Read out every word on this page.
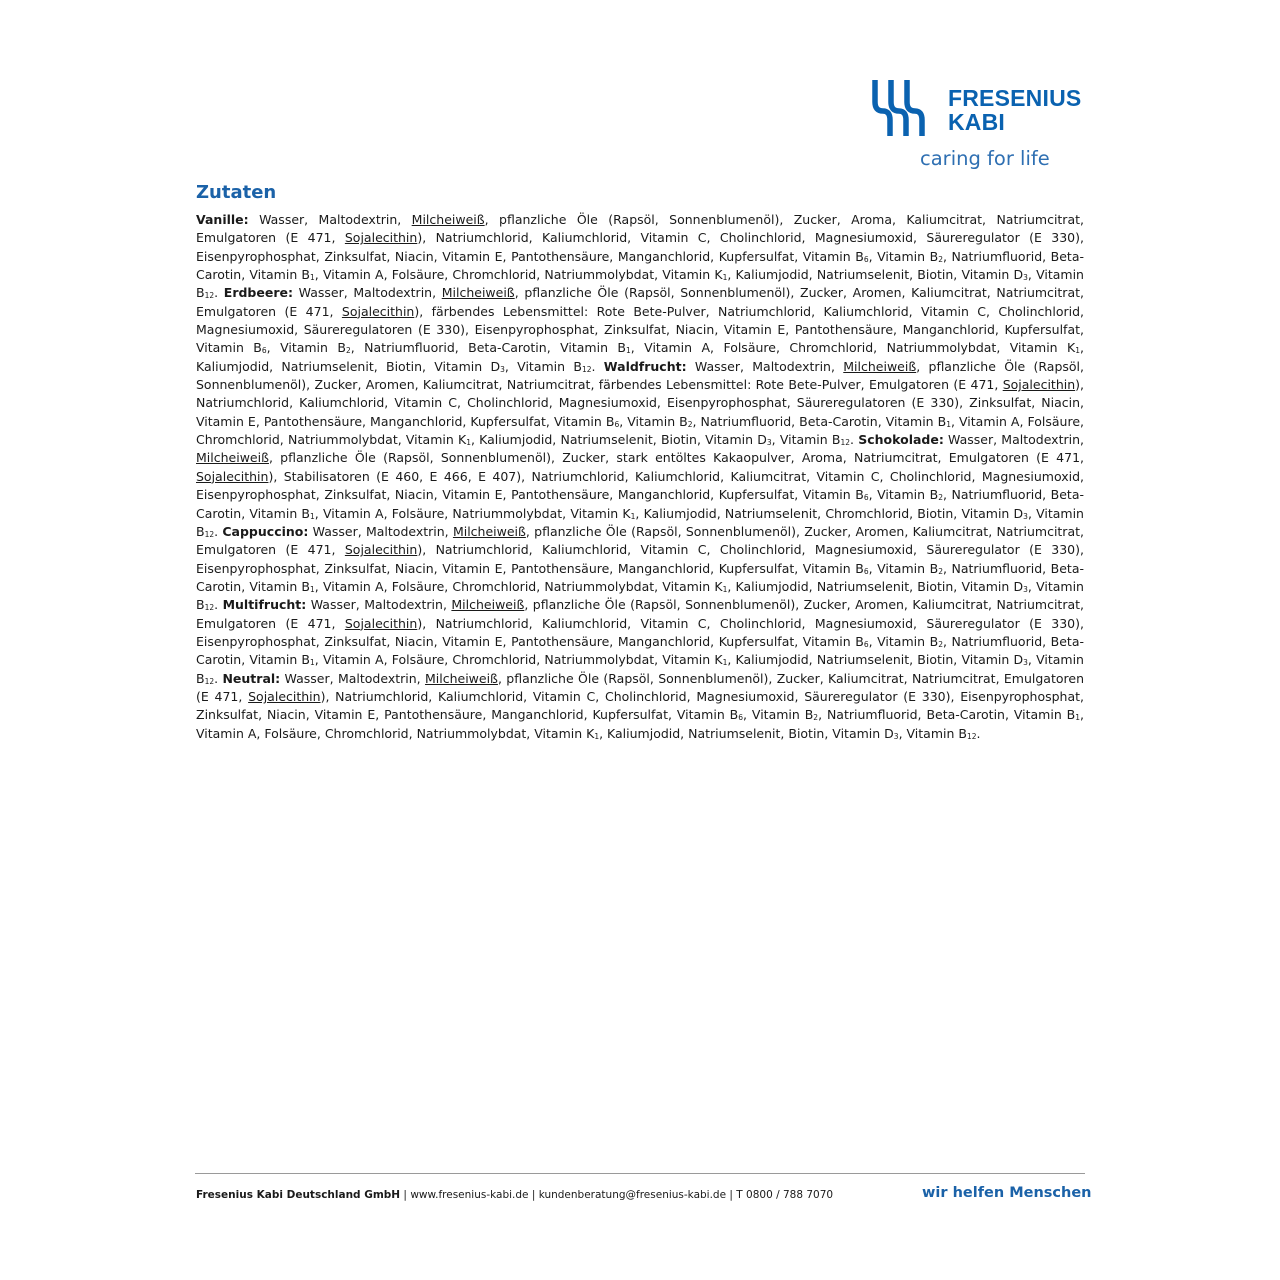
FRESENIUS
KABI
caring for life
Zutaten

Vanille: Wasser, Maltodextrin, Milcheiweiß, pflanzliche Öle (Rapsöl, Sonnenblumenöl), Zucker, Aroma, Kaliumcitrat, Natriumcitrat, Emulgatoren (E 471, Sojalecithin), Natriumchlorid, Kaliumchlorid, Vitamin C, Cholinchlorid, Magnesiumoxid, Säureregulator (E 330), Eisenpyrophosphat, Zinksulfat, Niacin, Vitamin E, Pantothensäure, Manganchlorid, Kupfersulfat, Vitamin $B_6$, Vitamin $B_2$, Natriumfluorid, Beta-Carotin, Vitamin $B_1$, Vitamin A, Folsäure, Chromchlorid, Natriummolybdat, Vitamin $K_1$, Kaliumjodid, Natriumselenit, Biotin, Vitamin $D_3$, Vitamin $B_{12}$. Erdbeere: Wasser, Maltodextrin, Milcheiweiß, pflanzliche Öle (Rapsöl, Sonnenblumenöl), Zucker, Aromen, Kaliumcitrat, Natriumcitrat, Emulgatoren (E 471, Sojalecithin), färbendes Lebensmittel: Rote Bete-Pulver, Natriumchlorid, Kaliumchlorid, Vitamin C, Cholinchlorid, Magnesiumoxid, Säureregulatoren (E 330), Eisenpyrophosphat, Zinksulfat, Niacin, Vitamin E, Pantothensäure, Manganchlorid, Kupfersulfat, Vitamin $B_6$, Vitamin $B_2$, Natriumfluorid, Beta-Carotin, Vitamin $B_1$, Vitamin A, Folsäure, Chromchlorid, Natriummolybdat, Vitamin $K_1$, Kaliumjodid, Natriumselenit, Biotin, Vitamin $D_3$, Vitamin $B_{12}$. Waldfrucht: Wasser, Maltodextrin, Milcheiweiß, pflanzliche Öle (Rapsöl, Sonnenblumenöl), Zucker, Aromen, Kaliumcitrat, Natriumcitrat, färbendes Lebensmittel: Rote Bete-Pulver, Emulgatoren (E 471, Sojalecithin), Natriumchlorid, Kaliumchlorid, Vitamin C, Cholinchlorid, Magnesiumoxid, Eisenpyrophosphat, Säureregulatoren (E 330), Zinksulfat, Niacin, Vitamin E, Pantothensäure, Manganchlorid, Kupfersulfat, Vitamin $B_6$, Vitamin $B_2$, Natriumfluorid, Beta-Carotin, Vitamin $B_1$, Vitamin A, Folsäure, Chromchlorid, Natriummolybdat, Vitamin $K_1$, Kaliumjodid, Natriumselenit, Biotin, Vitamin $D_3$, Vitamin $B_{12}$. Schokolade: Wasser, Maltodextrin, Milcheiweiß, pflanzliche Öle (Rapsöl, Sonnenblumenöl), Zucker, stark entöltes Kakaopulver, Aroma, Natriumcitrat, Emulgatoren (E 471, Sojalecithin), Stabilisatoren (E 460, E 466, E 407), Natriumchlorid, Kaliumchlorid, Kaliumcitrat, Vitamin C, Cholinchlorid, Magnesiumoxid, Eisenpyrophosphat, Zinksulfat, Niacin, Vitamin E, Pantothensäure, Manganchlorid, Kupfersulfat, Vitamin $B_6$, Vitamin $B_2$, Natriumfluorid, Beta-Carotin, Vitamin $B_1$, Vitamin A, Folsäure, Natriummolybdat, Vitamin $K_1$, Kaliumjodid, Natriumselenit, Chromchlorid, Biotin, Vitamin $D_3$, Vitamin $B_{12}$. Cappuccino: Wasser, Maltodextrin, Milcheiweiß, pflanzliche Öle (Rapsöl, Sonnenblumenöl), Zucker, Aromen, Kaliumcitrat, Natriumcitrat, Emulgatoren (E 471, Sojalecithin), Natriumchlorid, Kaliumchlorid, Vitamin C, Cholinchlorid, Magnesiumoxid, Säureregulator (E 330), Eisenpyrophosphat, Zinksulfat, Niacin, Vitamin E, Pantothensäure, Manganchlorid, Kupfersulfat, Vitamin $B_6$, Vitamin $B_2$, Natriumfluorid, Beta-Carotin, Vitamin $B_1$, Vitamin A, Folsäure, Chromchlorid, Natriummolybdat, Vitamin $K_1$, Kaliumjodid, Natriumselenit, Biotin, Vitamin $D_3$, Vitamin $B_{12}$. Multifrucht: Wasser, Maltodextrin, Milcheiweiß, pflanzliche Öle (Rapsöl, Sonnenblumenöl), Zucker, Aromen, Kaliumcitrat, Natriumcitrat, Emulgatoren (E 471, Sojalecithin), Natriumchlorid, Kaliumchlorid, Vitamin C, Cholinchlorid, Magnesiumoxid, Säureregulator (E 330), Eisenpyrophosphat, Zinksulfat, Niacin, Vitamin E, Pantothensäure, Manganchlorid, Kupfersulfat, Vitamin $B_6$, Vitamin $B_2$, Natriumfluorid, Beta-Carotin, Vitamin $B_1$, Vitamin A, Folsäure, Chromchlorid, Natriummolybdat, Vitamin $K_1$, Kaliumjodid, Natriumselenit, Biotin, Vitamin $D_3$, Vitamin $B_{12}$. Neutral: Wasser, Maltodextrin, Milcheiweiß, pflanzliche Öle (Rapsöl, Sonnenblumenöl), Zucker, Kaliumcitrat, Natriumcitrat, Emulgatoren (E 471, Sojalecithin), Natriumchlorid, Kaliumchlorid, Vitamin C, Cholinchlorid, Magnesiumoxid, Säureregulator (E 330), Eisenpyrophosphat, Zinksulfat, Niacin, Vitamin E, Pantothensäure, Manganchlorid, Kupfersulfat, Vitamin $B_6$, Vitamin $B_2$, Natriumfluorid, Beta-Carotin, Vitamin $B_1$, Vitamin A, Folsäure, Chromchlorid, Natriummolybdat, Vitamin $K_1$, Kaliumjodid, Natriumselenit, Biotin, Vitamin $D_3$, Vitamin $B_{12}$.

Fresenius Kabi Deutschland GmbH | www.fresenius-kabi.de | kundenberatung@fresenius-kabi.de | T 0800 / 788 7070	wir helfen Menschen
